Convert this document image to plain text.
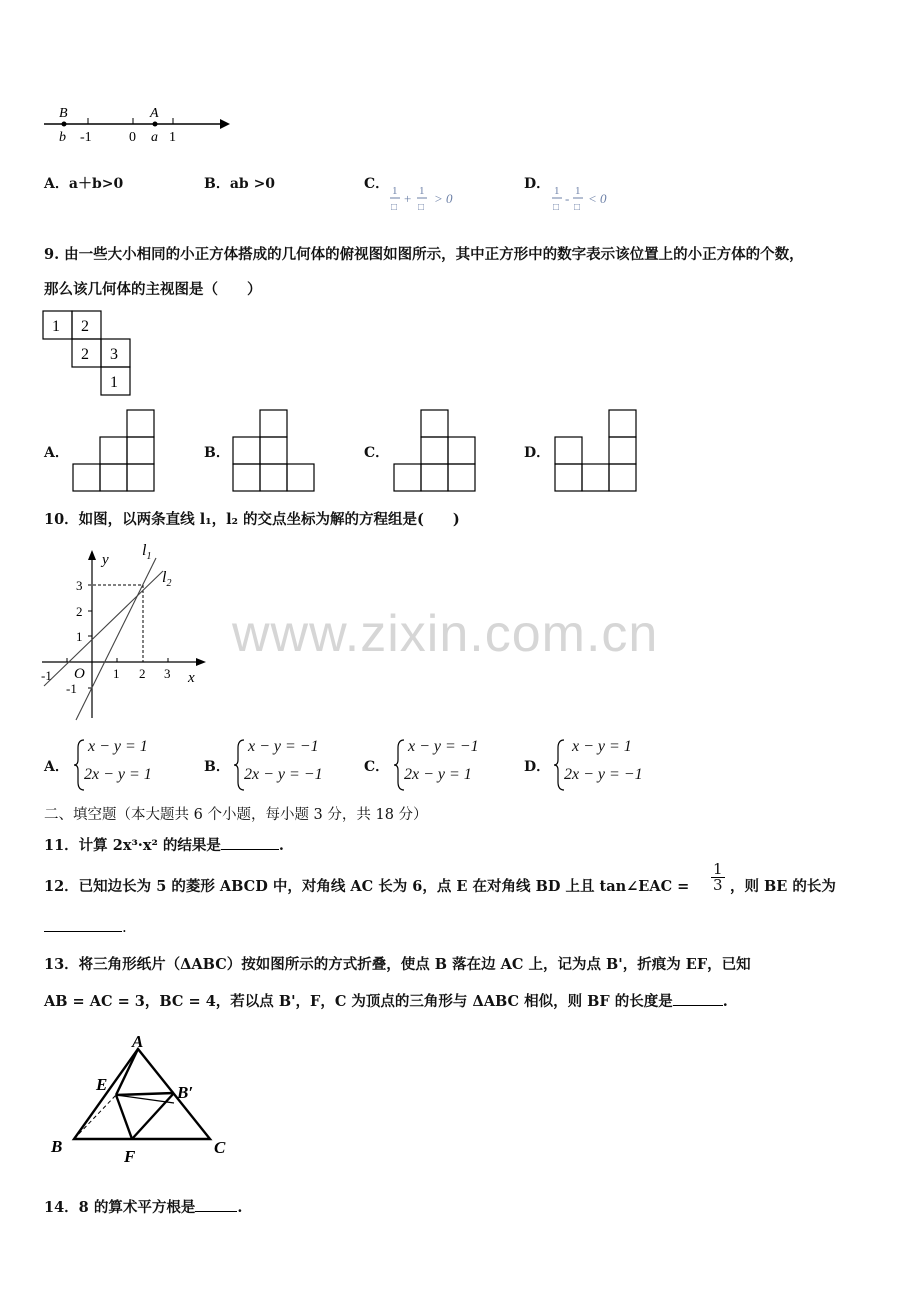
B	A
b -1	0 a 1
A．a＋b>0	B．ab >0	C． 1
□
+ 1
□
> 0
D． 1
□
- 1
□
< 0
9. 由一些大小相同的小正方体搭成的几何体的俯视图如图所示，其中正方形中的数字表示该位置上的小正方体的个数，
那么该几何体的主视图是（　　）
1 2
2 3
1
A．	B．	C．	D．
10．如图，以两条直线 l₁，l₂ 的交点坐标为解的方程组是(　　)
y
x
O
$l_1$
$l_2$
3
2
1
-1
-1	1 2 3
A．
x − y = 1
2x − y = 1	B．
x − y = −1
2x − y = −1	C．
x − y = −1
2x − y = 1	D．
x − y = 1
2x − y = −1
二、填空题（本大题共 6 个小题，每小题 3 分，共 18 分）
11．计算 2x³·x² 的结果是	.
12．已知边长为 5 的菱形 ABCD 中，对角线 AC 长为 6，点 E 在对角线 BD 上且 tan∠EAC = $\frac{1}{3}$ ，则 BE 的长为
.
13．将三角形纸片（ΔABC）按如图所示的方式折叠，使点 B 落在边 AC 上，记为点 B'，折痕为 EF，已知
AB = AC = 3，BC = 4，若以点 B'，F，C 为顶点的三角形与 ΔABC 相似，则 BF 的长度是	.
A
E	B′
B
F	C
14．8 的算术平方根是	.
www.zixin.com.cn
